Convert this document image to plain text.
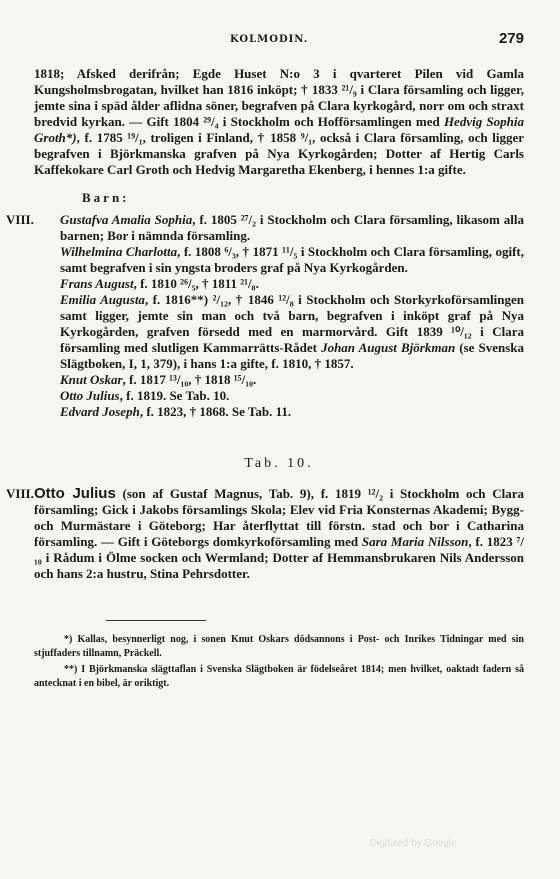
KOLMODIN.	279

1818; Afsked derifrån; Egde Huset N:o 3 i qvarteret Pilen vid Gamla Kungsholmsbrogatan, hvilket han 1816 inköpt; † 1833 ²¹/₉ i Clara församling och ligger, jemte sina i späd ålder aflidna söner, begrafven på Clara kyrkogård, norr om och straxt bredvid kyrkan. — Gift 1804 ²⁹/₄ i Stockholm och Hofförsamlingen med Hedvig Sophia Groth*), f. 1785 ¹⁹/₁, troligen i Finland, † 1858 ⁹/₁, också i Clara församling, och ligger begrafven i Björkmanska grafven på Nya Kyrkogården; Dotter af Hertig Carls Kaffekokare Carl Groth och Hedvig Margaretha Ekenberg, i hennes 1:a gifte.

Barn:

VIII. Gustafva Amalia Sophia, f. 1805 ²⁷/₂ i Stockholm och Clara församling, likasom alla barnen; Bor i nämnda församling.

Wilhelmina Charlotta, f. 1808 ⁶/₃, † 1871 ¹¹/₅ i Stockholm och Clara församling, ogift, samt begrafven i sin yngsta broders graf på Nya Kyrkogården.

Frans August, f. 1810 ²⁶/₅, † 1811 ²¹/₈.

Emilia Augusta, f. 1816**) ²/₁₂, † 1846 ¹²/₈ i Stockholm och Storkyrkoförsamlingen samt ligger, jemte sin man och två barn, begrafven i inköpt graf på Nya Kyrkogården, grafven försedd med en marmorvård. Gift 1839 ¹⁰/₁₂ i Clara församling med slutligen Kammarrätts-Rådet Johan August Björkman (se Svenska Slägtboken, I, 1, 379), i hans 1:a gifte, f. 1810, † 1857.

Knut Oskar, f. 1817 ¹³/₁₀, † 1818 ¹⁵/₁₀.

Otto Julius, f. 1819. Se Tab. 10.

Edvard Joseph, f. 1823, † 1868. Se Tab. 11.

Tab. 10.

VIII. Otto Julius (son af Gustaf Magnus, Tab. 9), f. 1819 ¹²/₂ i Stockholm och Clara församling; Gick i Jakobs församlings Skola; Elev vid Fria Konsternas Akademi; Bygg- och Murmästare i Göteborg; Har återflyttat till förstn. stad och bor i Catharina församling. — Gift i Göteborgs domkyrkoförsamling med Sara Maria Nilsson, f. 1823 ⁷/₁₀ i Rådum i Ölme socken och Wermland; Dotter af Hemmansbrukaren Nils Andersson och hans 2:a hustru, Stina Pehrsdotter.

*) Kallas, besynnerligt nog, i sonen Knut Oskars dödsannons i Post- och Inrikes Tidningar med sin stjuffaders tillnamn, Präckell.

**) I Björkmanska slägttaflan i Svenska Slägtboken är födelseåret 1814; men hvilket, oaktadt fadern så antecknat i en bibel, är oriktigt.

Digitized by Google
